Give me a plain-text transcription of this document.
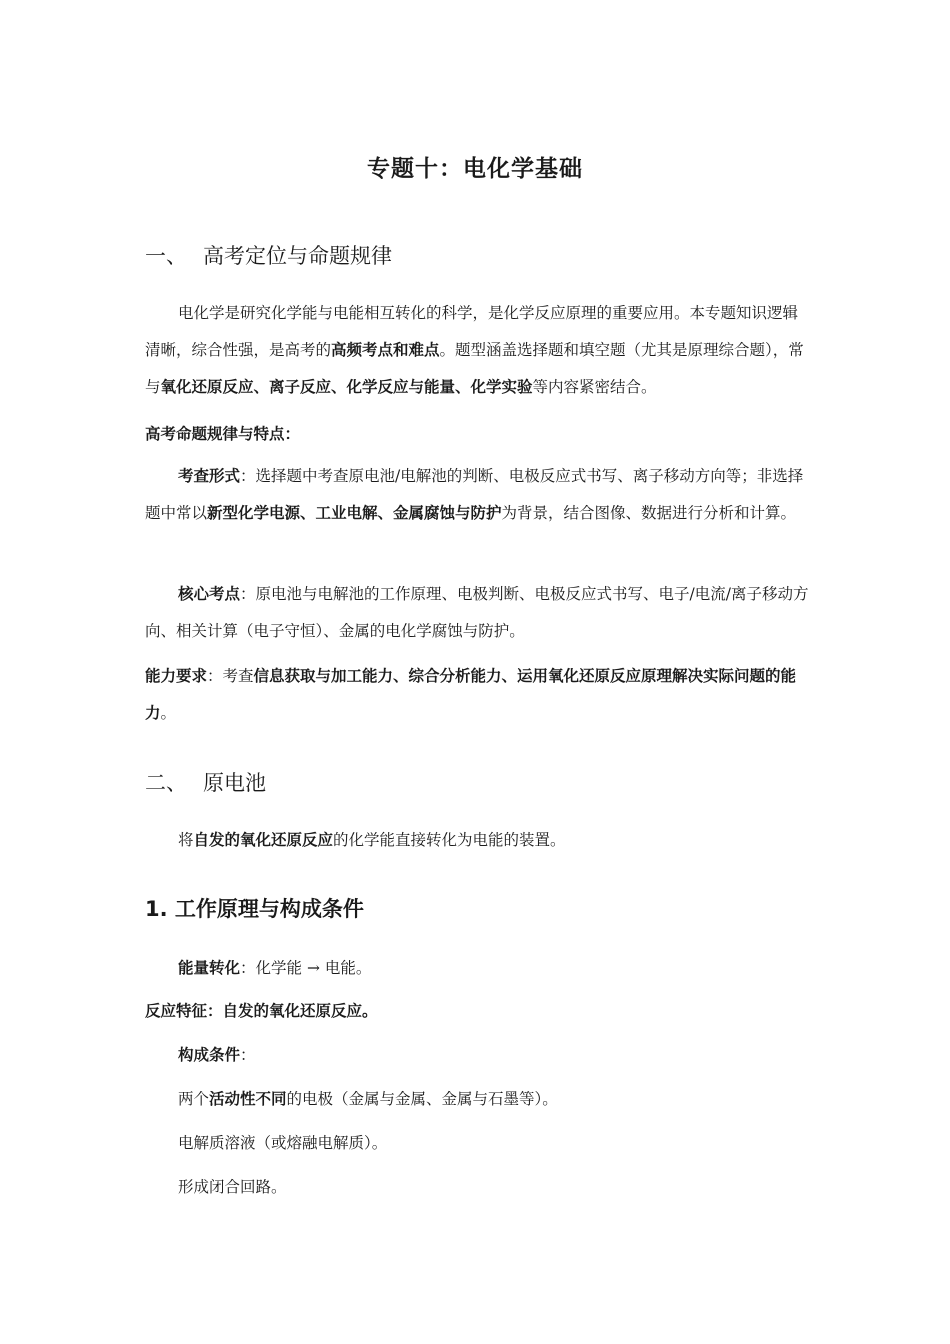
专题十：电化学基础
一、 高考定位与命题规律
电化学是研究化学能与电能相互转化的科学，是化学反应原理的重要应用。本专题知识逻辑清晰，综合性强，是高考的高频考点和难点。题型涵盖选择题和填空题（尤其是原理综合题），常与氧化还原反应、离子反应、化学反应与能量、化学实验等内容紧密结合。
高考命题规律与特点：
考查形式：选择题中考查原电池/电解池的判断、电极反应式书写、离子移动方向等；非选择题中常以新型化学电源、工业电解、金属腐蚀与防护为背景，结合图像、数据进行分析和计算。
核心考点：原电池与电解池的工作原理、电极判断、电极反应式书写、电子/电流/离子移动方向、相关计算（电子守恒）、金属的电化学腐蚀与防护。
能力要求：考查信息获取与加工能力、综合分析能力、运用氧化还原反应原理解决实际问题的能力。
二、 原电池
将自发的氧化还原反应的化学能直接转化为电能的装置。
1. 工作原理与构成条件
能量转化：化学能 → 电能。
反应特征：自发的氧化还原反应。
构成条件：
两个活动性不同的电极（金属与金属、金属与石墨等）。
电解质溶液（或熔融电解质）。
形成闭合回路。
